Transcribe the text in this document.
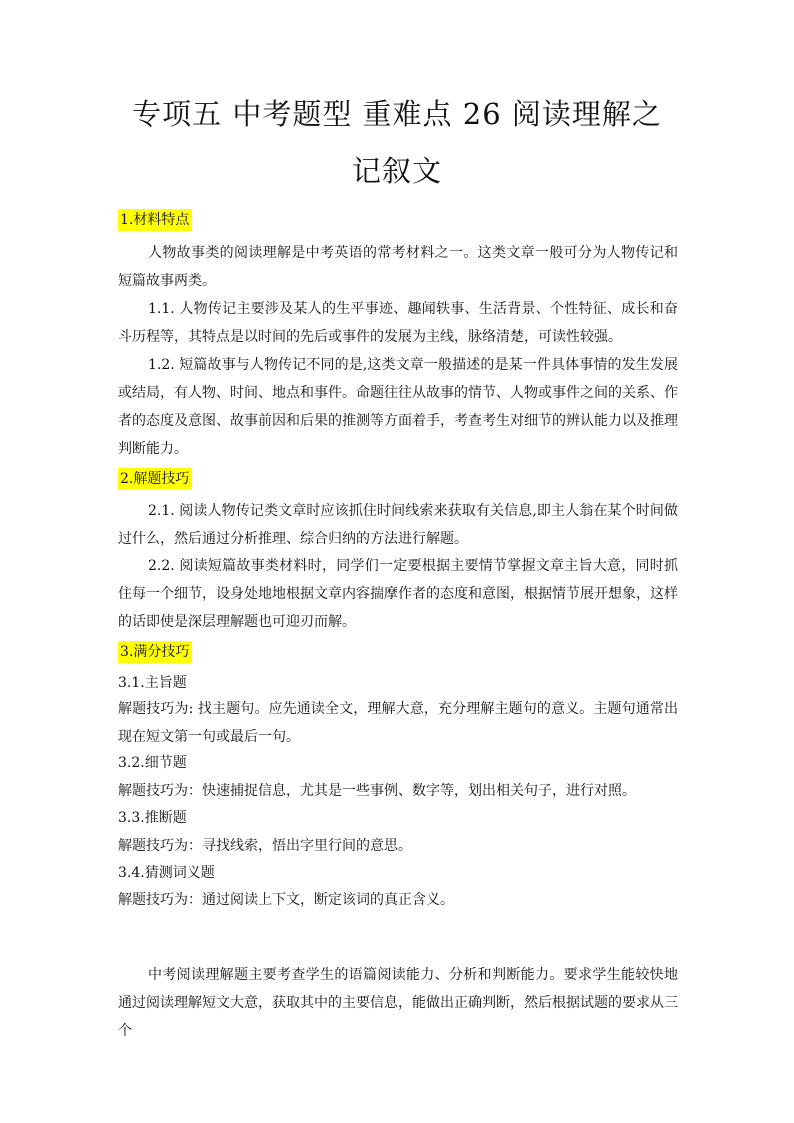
专项五 中考题型 重难点 26 阅读理解之
记叙文
1.材料特点
人物故事类的阅读理解是中考英语的常考材料之一。这类文章一般可分为人物传记和短篇故事两类。
1.1. 人物传记主要涉及某人的生平事迹、趣闻轶事、生活背景、个性特征、成长和奋斗历程等，其特点是以时间的先后或事件的发展为主线，脉络清楚，可读性较强。
1.2. 短篇故事与人物传记不同的是,这类文章一般描述的是某一件具体事情的发生发展或结局，有人物、时间、地点和事件。命题往往从故事的情节、人物或事件之间的关系、作者的态度及意图、故事前因和后果的推测等方面着手，考查考生对细节的辨认能力以及推理判断能力。
2.解题技巧
2.1. 阅读人物传记类文章时应该抓住时间线索来获取有关信息,即主人翁在某个时间做过什么，然后通过分析推理、综合归纳的方法进行解题。
2.2. 阅读短篇故事类材料时，同学们一定要根据主要情节掌握文章主旨大意，同时抓住每一个细节，设身处地地根据文章内容揣摩作者的态度和意图，根据情节展开想象，这样的话即使是深层理解题也可迎刃而解。
3.满分技巧
3.1.主旨题
解题技巧为: 找主题句。应先通读全文，理解大意，充分理解主题句的意义。主题句通常出现在短文第一句或最后一句。
3.2.细节题
解题技巧为：快速捕捉信息，尤其是一些事例、数字等，划出相关句子，进行对照。
3.3.推断题
解题技巧为：寻找线索，悟出字里行间的意思。
3.4.猜测词义题
解题技巧为：通过阅读上下文，断定该词的真正含义。
中考阅读理解题主要考查学生的语篇阅读能力、分析和判断能力。要求学生能较快地通过阅读理解短文大意，获取其中的主要信息，能做出正确判断，然后根据试题的要求从三个
